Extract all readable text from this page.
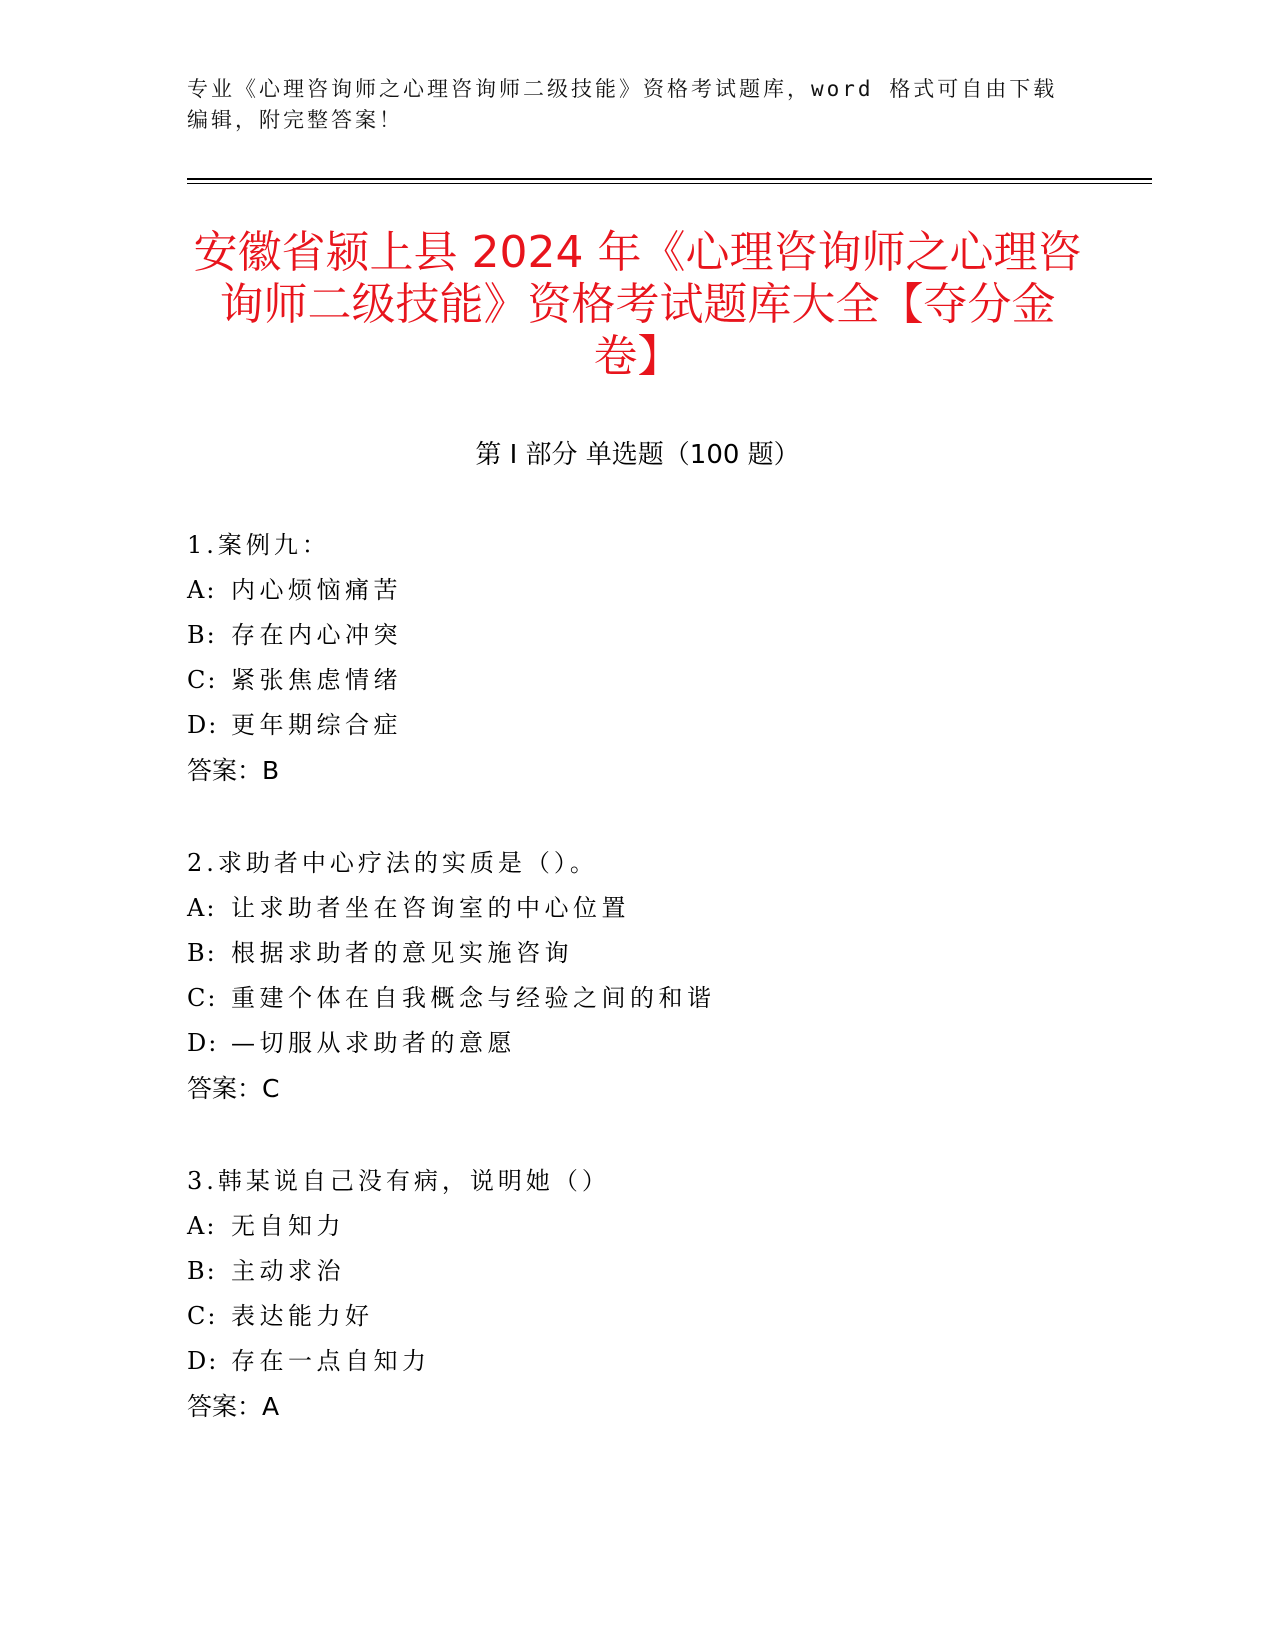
专业《心理咨询师之心理咨询师二级技能》资格考试题库，word 格式可自由下载
编辑，附完整答案！
安徽省颍上县 2024 年《心理咨询师之心理咨
询师二级技能》资格考试题库大全【夺分金
卷】
第 I 部分 单选题（100 题）
1.案例九：
A: 内心烦恼痛苦
B: 存在内心冲突
C: 紧张焦虑情绪
D: 更年期综合症
答案：B
2.求助者中心疗法的实质是（）。
A: 让求助者坐在咨询室的中心位置
B: 根据求助者的意见实施咨询
C: 重建个体在自我概念与经验之间的和谐
D: —切服从求助者的意愿
答案：C
3.韩某说自己没有病，说明她（）
A: 无自知力
B: 主动求治
C: 表达能力好
D: 存在一点自知力
答案：A
